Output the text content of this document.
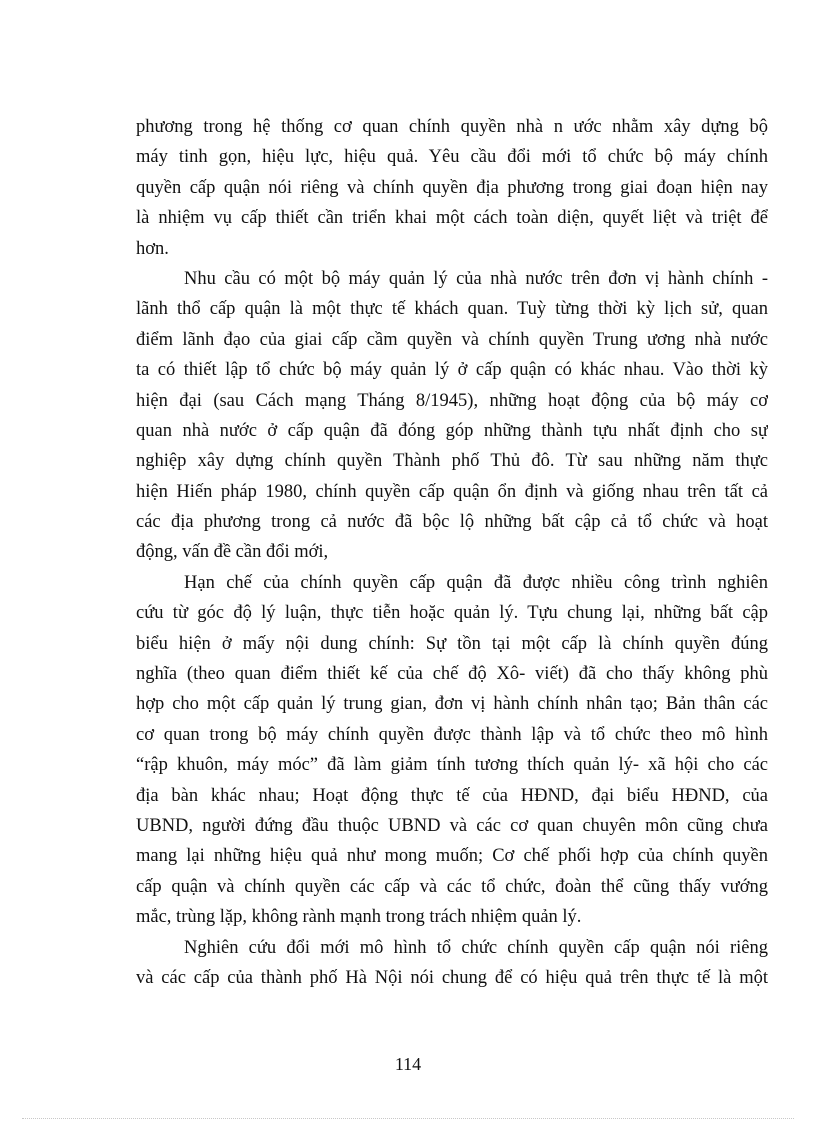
phương trong hệ thống cơ quan chính quyền nhà n ước nhằm xây dựng bộ
máy tinh gọn, hiệu lực, hiệu quả. Yêu cầu đổi mới tổ chức bộ máy chính
quyền cấp quận nói riêng và chính quyền địa phương trong giai đoạn hiện nay
là nhiệm vụ cấp thiết cần triển khai một cách toàn diện, quyết liệt và triệt để
hơn.
Nhu cầu có một bộ máy quản lý của nhà nước trên đơn vị hành chính -
lãnh thổ cấp quận là một thực tế khách quan. Tuỳ từng thời kỳ lịch sử, quan
điểm lãnh đạo của giai cấp cầm quyền và chính quyền Trung ương nhà nước
ta có thiết lập tổ chức bộ máy quản lý ở cấp quận có khác nhau. Vào thời kỳ
hiện đại (sau Cách mạng Tháng 8/1945), những hoạt động của bộ máy cơ
quan nhà nước ở cấp quận đã đóng góp những thành tựu nhất định cho sự
nghiệp xây dựng chính quyền Thành phố Thủ đô. Từ sau những năm thực
hiện Hiến pháp 1980, chính quyền cấp quận ổn định và giống nhau trên tất cả
các địa phương trong cả nước đã bộc lộ những bất cập cả tổ chức và hoạt
động, vấn đề cần đổi mới,
Hạn chế của chính quyền cấp quận đã được nhiều công trình nghiên
cứu từ góc độ lý luận, thực tiễn hoặc quản lý. Tựu chung lại, những bất cập
biểu hiện ở mấy nội dung chính: Sự tồn tại một cấp là chính quyền đúng
nghĩa (theo quan điểm thiết kế của chế độ Xô- viết) đã cho thấy không phù
hợp cho một cấp quản lý trung gian, đơn vị hành chính nhân tạo; Bản thân các
cơ quan trong bộ máy chính quyền được thành lập và tổ chức theo mô hình
“rập khuôn, máy móc” đã làm giảm tính tương thích quản lý- xã hội cho các
địa bàn khác nhau; Hoạt động thực tế của HĐND, đại biểu HĐND, của
UBND, người đứng đầu thuộc UBND và các cơ quan chuyên môn cũng chưa
mang lại những hiệu quả như mong muốn; Cơ chế phối hợp của chính quyền
cấp quận và chính quyền các cấp và các tổ chức, đoàn thể cũng thấy vướng
mắc, trùng lặp, không rành mạnh trong trách nhiệm quản lý.
Nghiên cứu đổi mới mô hình tổ chức chính quyền cấp quận nói riêng
và các cấp của thành phố Hà Nội nói chung để có hiệu quả trên thực tế là một
114
